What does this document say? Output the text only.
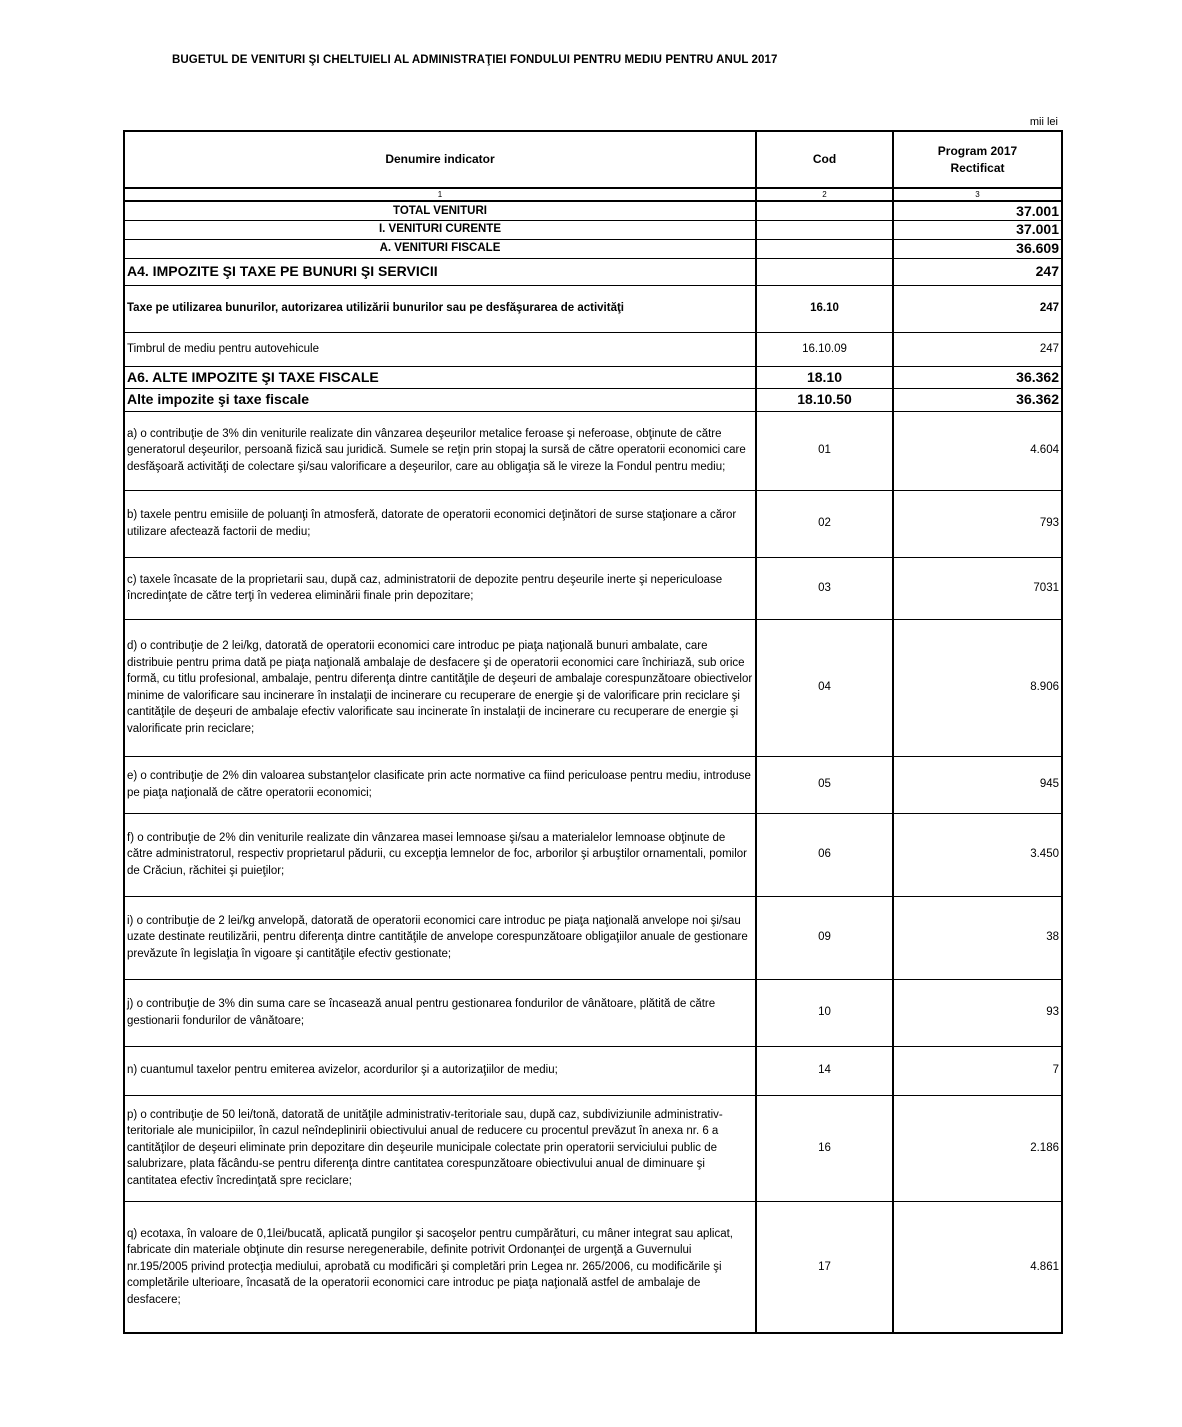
BUGETUL DE VENITURI ŞI CHELTUIELI AL ADMINISTRAŢIEI FONDULUI PENTRU MEDIU PENTRU ANUL 2017
mii lei
Denumire indicator	Cod	Program 2017
Rectificat
1	2	3
TOTAL VENITURI		37.001
I. VENITURI CURENTE		37.001
A. VENITURI FISCALE		36.609
A4. IMPOZITE ŞI TAXE PE BUNURI ŞI SERVICII		247
Taxe pe utilizarea bunurilor, autorizarea utilizării bunurilor sau pe desfăşurarea de activităţi	16.10	247
Timbrul de mediu pentru autovehicule	16.10.09	247
A6. ALTE IMPOZITE ŞI TAXE FISCALE	18.10	36.362
Alte impozite şi taxe fiscale	18.10.50	36.362
a) o contribuţie de 3% din veniturile realizate din vânzarea deşeurilor metalice feroase şi neferoase, obţinute de către generatorul deşeurilor, persoană fizică sau juridică. Sumele se reţin prin stopaj la sursă de către operatorii economici care desfăşoară activităţi de colectare şi/sau valorificare a deşeurilor, care au obligaţia să le vireze la Fondul pentru mediu;	01	4.604
b) taxele pentru emisiile de poluanţi în atmosferă, datorate de operatorii economici deţinători de surse staţionare a căror utilizare afectează factorii de mediu;	02	793
c) taxele încasate de la proprietarii sau, după caz, administratorii de depozite pentru deşeurile inerte şi nepericuloase încredinţate de către terţi în vederea eliminării finale prin depozitare;	03	7031
d) o contribuţie de 2 lei/kg, datorată de operatorii economici care introduc pe piaţa naţională bunuri ambalate, care distribuie pentru prima dată pe piaţa naţională ambalaje de desfacere şi de operatorii economici care închiriază, sub orice formă, cu titlu profesional, ambalaje, pentru diferenţa dintre cantităţile de deşeuri de ambalaje corespunzătoare obiectivelor minime de valorificare sau incinerare în instalaţii de incinerare cu recuperare de energie şi de valorificare prin reciclare şi cantităţile de deşeuri de ambalaje efectiv valorificate sau incinerate în instalaţii de incinerare cu recuperare de energie şi valorificate prin reciclare;	04	8.906
e) o contribuţie de 2% din valoarea substanţelor clasificate prin acte normative ca fiind periculoase pentru mediu, introduse pe piaţa naţională de către operatorii economici;	05	945
f) o contribuţie de 2% din veniturile realizate din vânzarea masei lemnoase şi/sau a materialelor lemnoase obţinute de către administratorul, respectiv proprietarul pădurii, cu excepţia lemnelor de foc, arborilor şi arbuştilor ornamentali, pomilor de Crăciun, răchitei şi puieţilor;	06	3.450
i) o contribuţie de 2 lei/kg anvelopă, datorată de operatorii economici care introduc pe piaţa naţională anvelope noi şi/sau uzate destinate reutilizării, pentru diferenţa dintre cantităţile de anvelope corespunzătoare obligaţiilor anuale de gestionare prevăzute în legislaţia în vigoare şi cantităţile efectiv gestionate;	09	38
j) o contribuţie de 3% din suma care se încasează anual pentru gestionarea fondurilor de vânătoare, plătită de către gestionarii fondurilor de vânătoare;	10	93
n) cuantumul taxelor pentru emiterea avizelor, acordurilor şi a autorizaţiilor de mediu;	14	7
p) o contribuţie de 50 lei/tonă, datorată de unităţile administrativ-teritoriale sau, după caz, subdiviziunile administrativ-teritoriale ale municipiilor, în cazul neîndeplinirii obiectivului anual de reducere cu procentul prevăzut în anexa nr. 6 a cantităţilor de deşeuri eliminate prin depozitare din deşeurile municipale colectate prin operatorii serviciului public de salubrizare, plata făcându-se pentru diferenţa dintre cantitatea corespunzătoare obiectivului anual de diminuare şi cantitatea efectiv încredinţată spre reciclare;	16	2.186
q) ecotaxa, în valoare de 0,1lei/bucată, aplicată pungilor şi sacoşelor pentru cumpărături, cu mâner integrat sau aplicat, fabricate din materiale obţinute din resurse neregenerabile, definite potrivit Ordonanţei de urgenţă a Guvernului nr.195/2005 privind protecţia mediului, aprobată cu modificări şi completări prin Legea nr. 265/2006, cu modificările şi completările ulterioare, încasată de la operatorii economici care introduc pe piaţa naţională astfel de ambalaje de desfacere;	17	4.861
